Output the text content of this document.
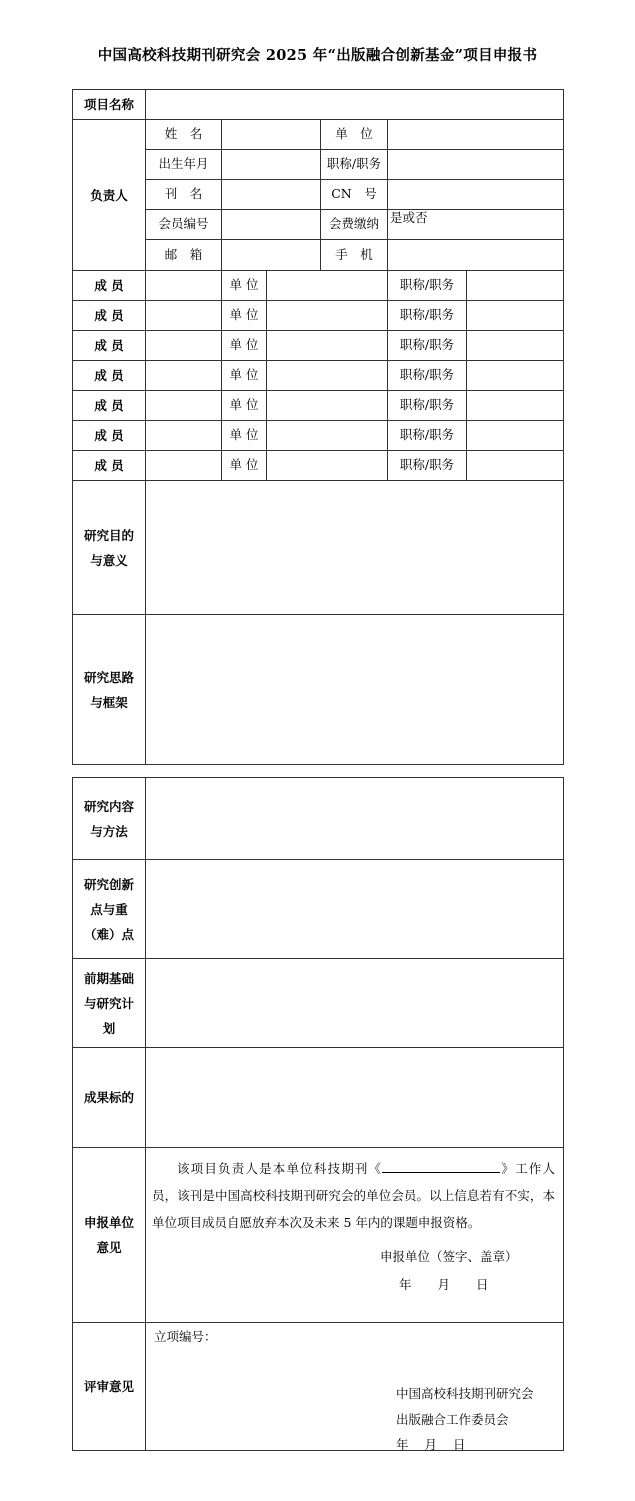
中国高校科技期刊研究会 2025 年“出版融合创新基金”项目申报书
项目名称						
负责人	姓　名			单　位		
	出生年月			职称/职务		
	刊　名			CN　号		
	会员编号			会费缴纳	是或否	
	邮　箱			手　机		
成 员		单 位			职称/职务	
成 员		单 位			职称/职务	
成 员		单 位			职称/职务	
成 员		单 位			职称/职务	
成 员		单 位			职称/职务	
成 员		单 位			职称/职务	
成 员		单 位			职称/职务	
研究目的与意义						
研究思路与框架						
研究内容与方法	
研究创新点与重（难）点	
前期基础与研究计划	
成果标的	
申报单位意见	该项目负责人是本单位科技期刊《 》工作人员，该刊是中国高校科技期刊研究会的单位会员。以上信息若有不实，本单位项目成员自愿放弃本次及未来 5 年内的课题申报资格。
申报单位（签字、盖章）
年 月 日

评审意见	立项编号：
中国高校科技期刊研究会
出版融合工作委员会
年 月 日
